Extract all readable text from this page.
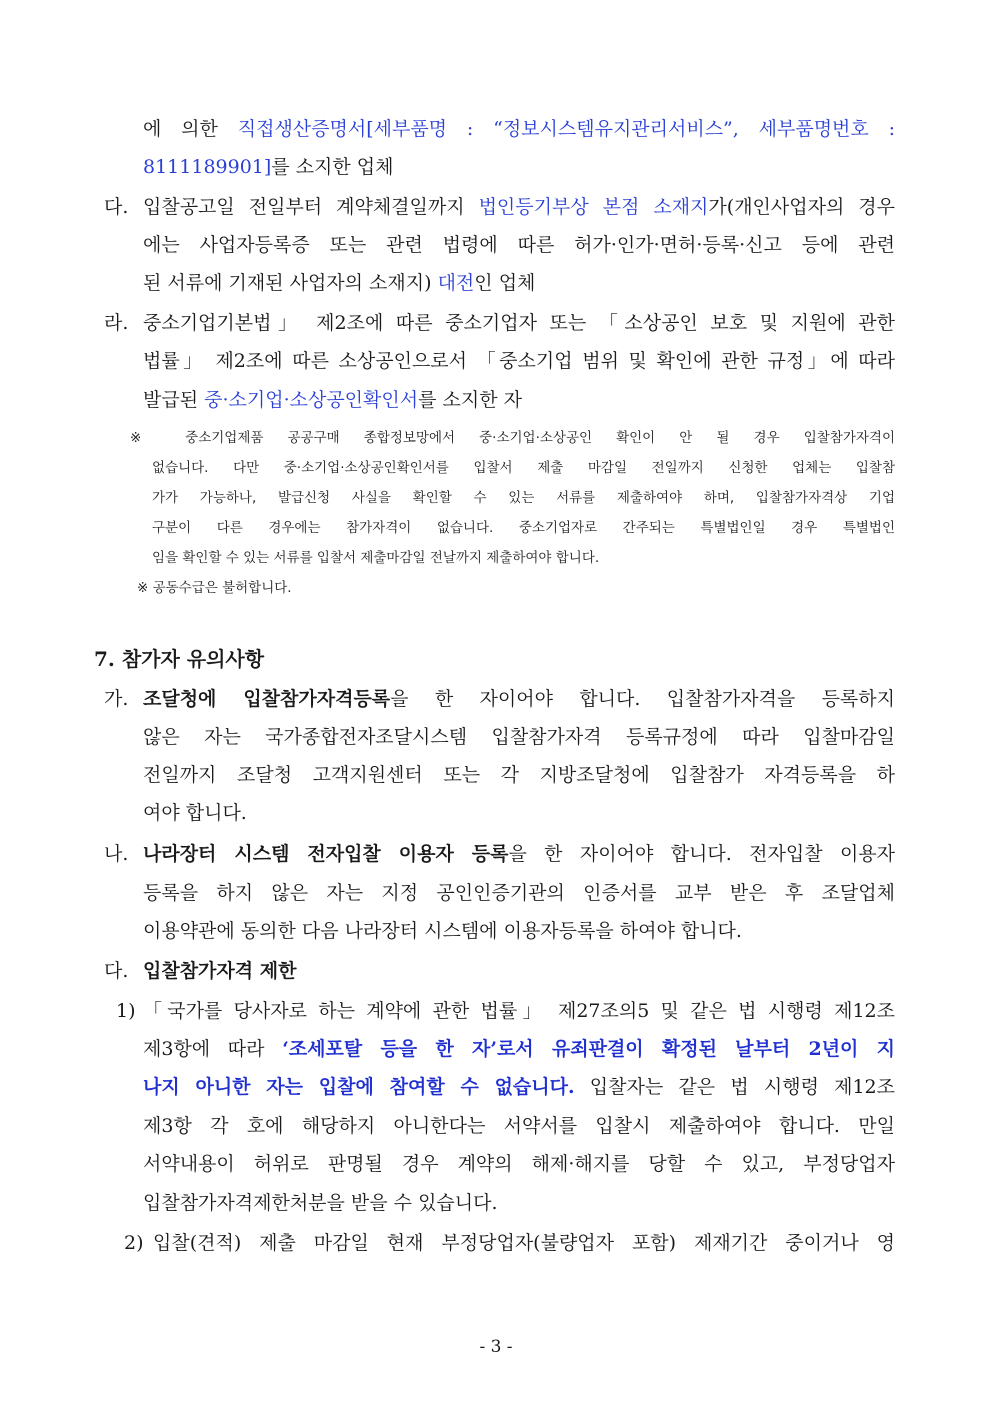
에 의한 직접생산증명서[세부품명 : “정보시스템유지관리서비스”, 세부품명번호 :
8111189901]를 소지한 업체
다. 입찰공고일 전일부터 계약체결일까지 법인등기부상 본점 소재지가(개인사업자의 경우
에는 사업자등록증 또는 관련 법령에 따른 허가·인가·면허·등록·신고 등에 관련
된 서류에 기재된 사업자의 소재지) 대전인 업체
라. 중소기업기본법」 제2조에 따른 중소기업자 또는 「소상공인 보호 및 지원에 관한
법률」 제2조에 따른 소상공인으로서 「중소기업 범위 및 확인에 관한 규정」에 따라
발급된 중·소기업·소상공인확인서를 소지한 자
※ 중소기업제품 공공구매 종합정보망에서 중·소기업·소상공인 확인이 안 될 경우 입찰참가자격이
없습니다. 다만 중·소기업·소상공인확인서를 입찰서 제출 마감일 전일까지 신청한 업체는 입찰참
가가 가능하나, 발급신청 사실을 확인할 수 있는 서류를 제출하여야 하며, 입찰참가자격상 기업
구분이 다른 경우에는 참가자격이 없습니다. 중소기업자로 간주되는 특별법인일 경우 특별법인
임을 확인할 수 있는 서류를 입찰서 제출마감일 전날까지 제출하여야 합니다.
※ 공동수급은 불허합니다.
7. 참가자 유의사항
가. 조달청에 입찰참가자격등록을 한 자이어야 합니다. 입찰참가자격을 등록하지
않은 자는 국가종합전자조달시스템 입찰참가자격 등록규정에 따라 입찰마감일
전일까지 조달청 고객지원센터 또는 각 지방조달청에 입찰참가 자격등록을 하
여야 합니다.
나. 나라장터 시스템 전자입찰 이용자 등록을 한 자이어야 합니다. 전자입찰 이용자
등록을 하지 않은 자는 지정 공인인증기관의 인증서를 교부 받은 후 조달업체
이용약관에 동의한 다음 나라장터 시스템에 이용자등록을 하여야 합니다.
다. 입찰참가자격 제한
1) 「국가를 당사자로 하는 계약에 관한 법률」 제27조의5 및 같은 법 시행령 제12조
제3항에 따라 ‘조세포탈 등을 한 자’로서 유죄판결이 확정된 날부터 2년이 지
나지 아니한 자는 입찰에 참여할 수 없습니다. 입찰자는 같은 법 시행령 제12조
제3항 각 호에 해당하지 아니한다는 서약서를 입찰시 제출하여야 합니다. 만일
서약내용이 허위로 판명될 경우 계약의 해제·해지를 당할 수 있고, 부정당업자
입찰참가자격제한처분을 받을 수 있습니다.
2) 입찰(견적) 제출 마감일 현재 부정당업자(불량업자 포함) 제재기간 중이거나 영
- 3 -
